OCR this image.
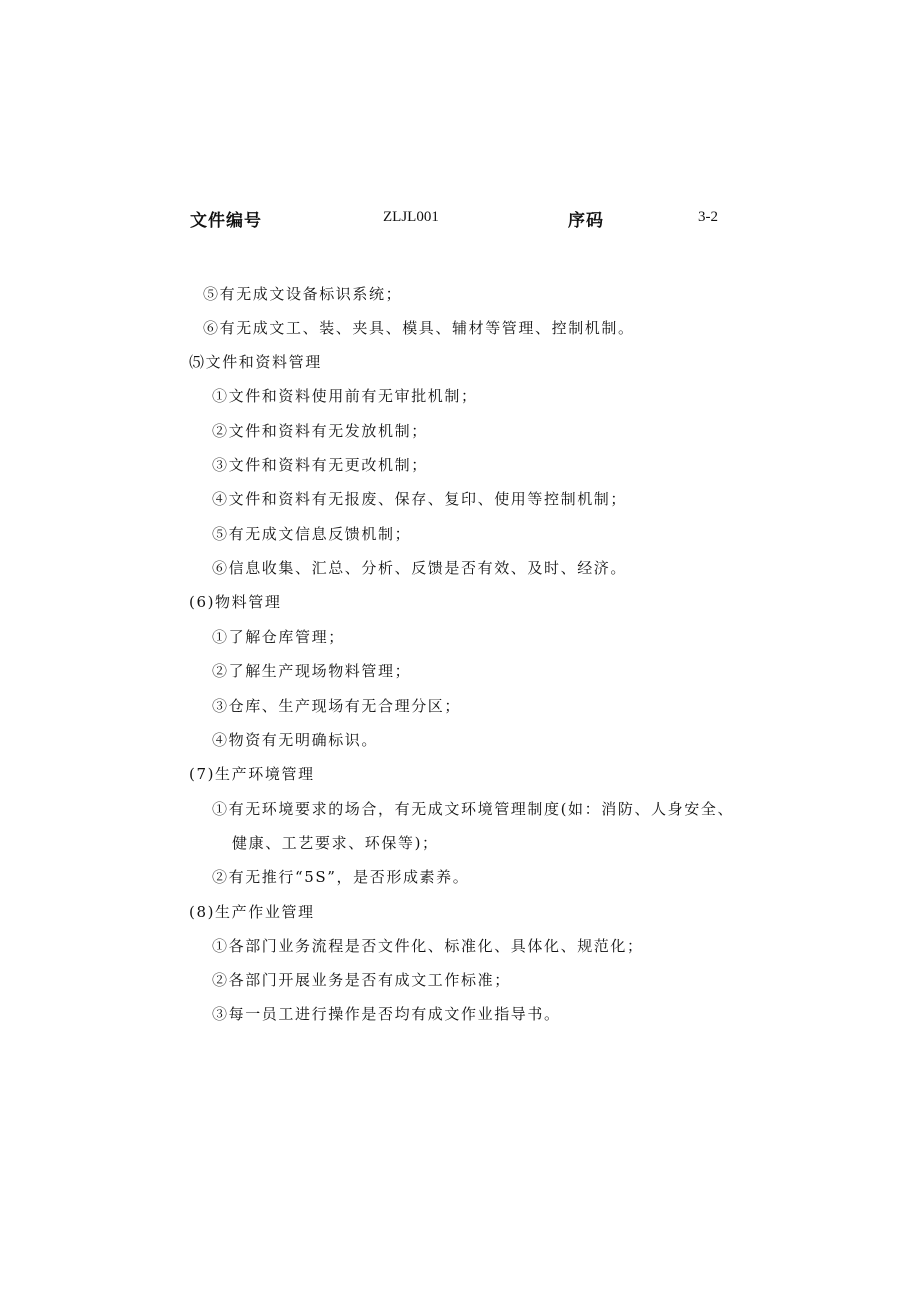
文件编号	ZLJL001	序码	3-2
⑤有无成文设备标识系统；
⑥有无成文工、装、夹具、模具、辅材等管理、控制机制。
⑸文件和资料管理
①文件和资料使用前有无审批机制；
②文件和资料有无发放机制；
③文件和资料有无更改机制；
④文件和资料有无报废、保存、复印、使用等控制机制；
⑤有无成文信息反馈机制；
⑥信息收集、汇总、分析、反馈是否有效、及时、经济。
(6)物料管理
①了解仓库管理；
②了解生产现场物料管理；
③仓库、生产现场有无合理分区；
④物资有无明确标识。
(7)生产环境管理
①有无环境要求的场合，有无成文环境管理制度(如：消防、人身安全、
健康、工艺要求、环保等)；
②有无推行“5S”，是否形成素养。
(8)生产作业管理
①各部门业务流程是否文件化、标准化、具体化、规范化；
②各部门开展业务是否有成文工作标准；
③每一员工进行操作是否均有成文作业指导书。
